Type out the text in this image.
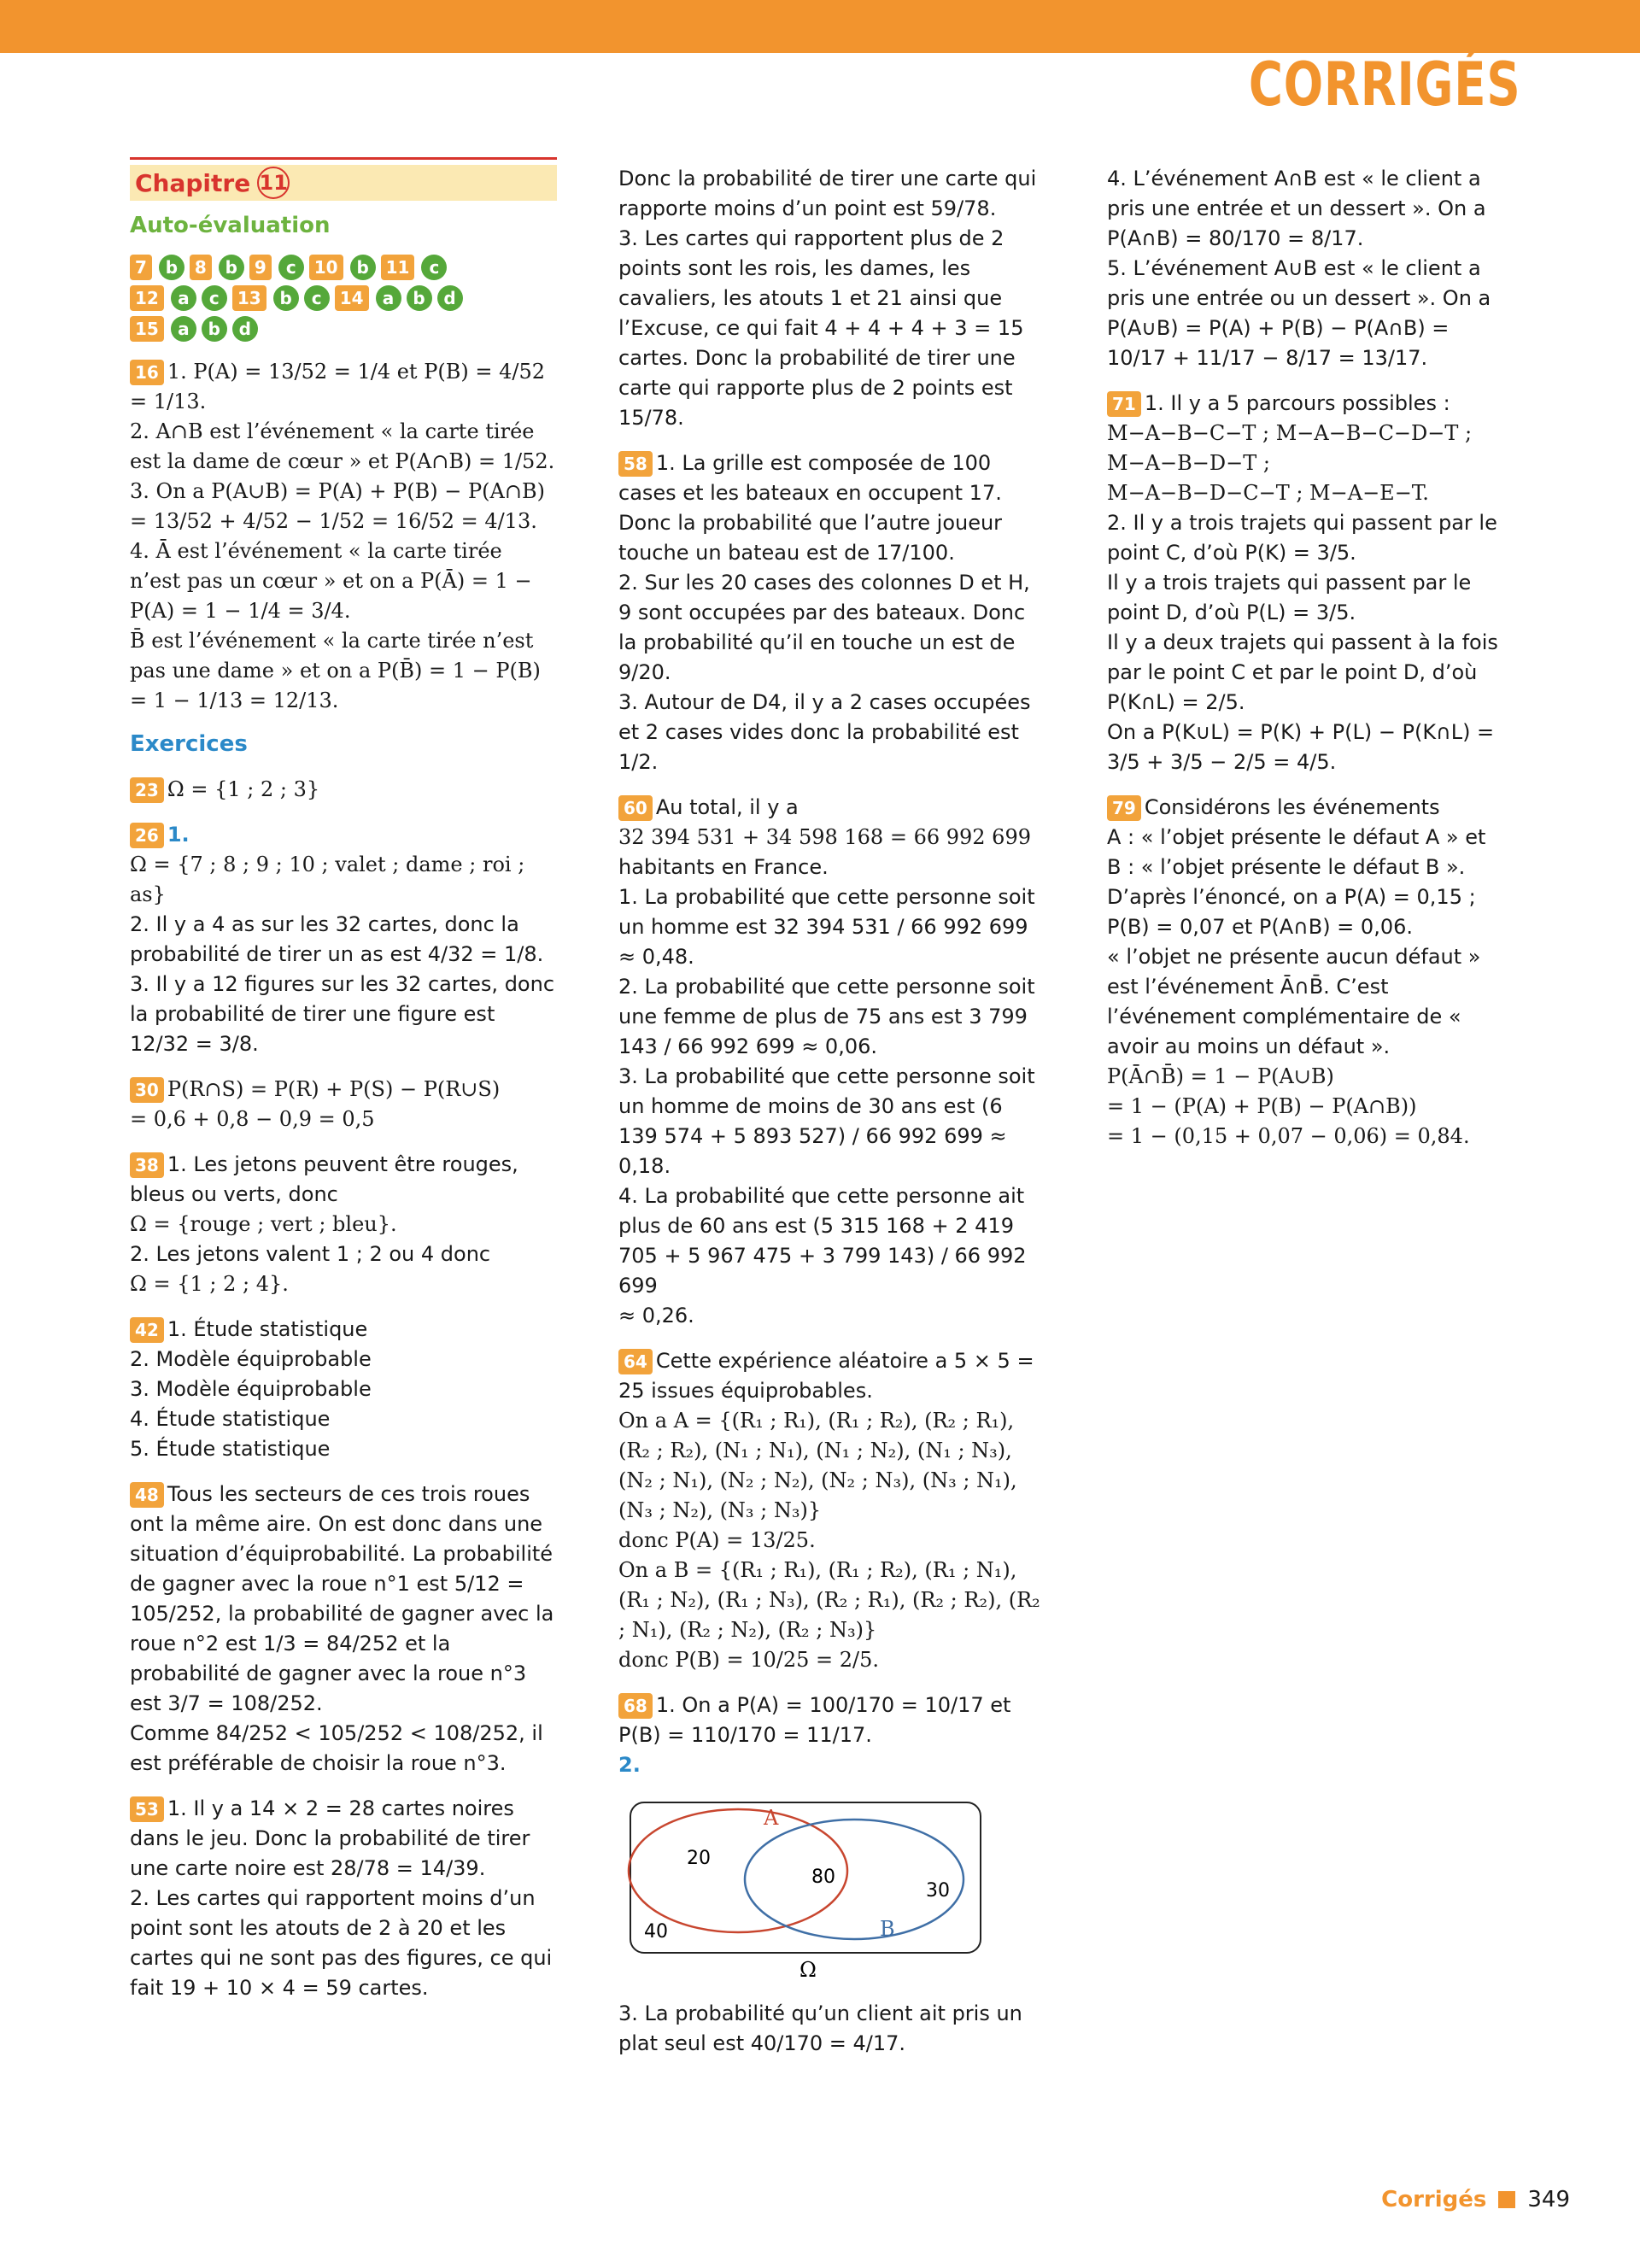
CORRIGÉS
Chapitre 11
Auto-évaluation
7	b 8	b 9	c	10	b 11	c
12	a	c	13	b	c	14	a	b	d
15	a	b	d

16 1. P(A) = 13/52 = 1/4 et P(B) = 4/52 = 1/13.

2. A∩B est l’événement « la carte tirée est la dame de cœur » et P(A∩B) = 1/52.

3. On a P(A∪B) = P(A) + P(B) − P(A∩B) = 13/52 + 4/52 − 1/52 = 16/52 = 4/13.

4. Ā est l’événement « la carte tirée n’est pas un cœur » et on a P(Ā) = 1 − P(A) = 1 − 1/4 = 3/4.

B̄ est l’événement « la carte tirée n’est pas une dame » et on a P(B̄) = 1 − P(B) = 1 − 1/13 = 12/13.

Exercices

23 Ω = {1 ; 2 ; 3}

26 1.

Ω = {7 ; 8 ; 9 ; 10 ; valet ; dame ; roi ; as}

2. Il y a 4 as sur les 32 cartes, donc la probabilité de tirer un as est 4/32 = 1/8.

3. Il y a 12 figures sur les 32 cartes, donc la probabilité de tirer une figure est 12/32 = 3/8.

30 P(R∩S) = P(R) + P(S) − P(R∪S)

= 0,6 + 0,8 − 0,9 = 0,5

38 1. Les jetons peuvent être rouges, bleus ou verts, donc

Ω = {rouge ; vert ; bleu}.

2. Les jetons valent 1 ; 2 ou 4 donc

Ω = {1 ; 2 ; 4}.

42 1. Étude statistique

2. Modèle équiprobable

3. Modèle équiprobable

4. Étude statistique

5. Étude statistique

48 Tous les secteurs de ces trois roues ont la même aire. On est donc dans une situation d’équiprobabilité. La probabilité de gagner avec la roue n°1 est 5/12 = 105/252, la probabilité de gagner avec la roue n°2 est 1/3 = 84/252 et la probabilité de gagner avec la roue n°3 est 3/7 = 108/252.

Comme 84/252 < 105/252 < 108/252, il est préférable de choisir la roue n°3.

53 1. Il y a 14 × 2 = 28 cartes noires dans le jeu. Donc la probabilité de tirer une carte noire est 28/78 = 14/39.

2. Les cartes qui rapportent moins d’un point sont les atouts de 2 à 20 et les cartes qui ne sont pas des figures, ce qui fait 19 + 10 × 4 = 59 cartes.

Donc la probabilité de tirer une carte qui rapporte moins d’un point est 59/78.

3. Les cartes qui rapportent plus de 2 points sont les rois, les dames, les cavaliers, les atouts 1 et 21 ainsi que l’Excuse, ce qui fait 4 + 4 + 4 + 3 = 15 cartes. Donc la probabilité de tirer une carte qui rapporte plus de 2 points est 15/78.

58 1. La grille est composée de 100 cases et les bateaux en occupent 17. Donc la probabilité que l’autre joueur touche un bateau est de 17/100.

2. Sur les 20 cases des colonnes D et H, 9 sont occupées par des bateaux. Donc la probabilité qu’il en touche un est de 9/20.

3. Autour de D4, il y a 2 cases occupées et 2 cases vides donc la probabilité est 1/2.

60 Au total, il y a

32 394 531 + 34 598 168 = 66 992 699

habitants en France.

1. La probabilité que cette personne soit un homme est 32 394 531 / 66 992 699 ≈ 0,48.

2. La probabilité que cette personne soit une femme de plus de 75 ans est 3 799 143 / 66 992 699 ≈ 0,06.

3. La probabilité que cette personne soit un homme de moins de 30 ans est (6 139 574 + 5 893 527) / 66 992 699 ≈ 0,18.

4. La probabilité que cette personne ait plus de 60 ans est (5 315 168 + 2 419 705 + 5 967 475 + 3 799 143) / 66 992 699

≈ 0,26.

64 Cette expérience aléatoire a 5 × 5 = 25 issues équiprobables.

On a A = {(R₁ ; R₁), (R₁ ; R₂), (R₂ ; R₁), (R₂ ; R₂), (N₁ ; N₁), (N₁ ; N₂), (N₁ ; N₃), (N₂ ; N₁), (N₂ ; N₂), (N₂ ; N₃), (N₃ ; N₁), (N₃ ; N₂), (N₃ ; N₃)}

donc P(A) = 13/25.

On a B = {(R₁ ; R₁), (R₁ ; R₂), (R₁ ; N₁), (R₁ ; N₂), (R₁ ; N₃), (R₂ ; R₁), (R₂ ; R₂), (R₂ ; N₁), (R₂ ; N₂), (R₂ ; N₃)}

donc P(B) = 10/25 = 2/5.

68 1. On a P(A) = 100/170 = 10/17 et P(B) = 110/170 = 11/17.

2.

A
B
20
80
30
40
Ω

3. La probabilité qu’un client ait pris un plat seul est 40/170 = 4/17.

4. L’événement A∩B est « le client a pris une entrée et un dessert ». On a P(A∩B) = 80/170 = 8/17.

5. L’événement A∪B est « le client a pris une entrée ou un dessert ». On a P(A∪B) = P(A) + P(B) − P(A∩B) = 10/17 + 11/17 − 8/17 = 13/17.

71 1. Il y a 5 parcours possibles :

M−A−B−C−T ; M−A−B−C−D−T ;

M−A−B−D−T ;

M−A−B−D−C−T ; M−A−E−T.

2. Il y a trois trajets qui passent par le point C, d’où P(K) = 3/5.

Il y a trois trajets qui passent par le point D, d’où P(L) = 3/5.

Il y a deux trajets qui passent à la fois par le point C et par le point D, d’où P(K∩L) = 2/5.

On a P(K∪L) = P(K) + P(L) − P(K∩L) = 3/5 + 3/5 − 2/5 = 4/5.

79 Considérons les événements

A : « l’objet présente le défaut A » et

B : « l’objet présente le défaut B ».

D’après l’énoncé, on a P(A) = 0,15 ; P(B) = 0,07 et P(A∩B) = 0,06.

« l’objet ne présente aucun défaut » est l’événement Ā∩B̄. C’est l’événement complémentaire de « avoir au moins un défaut ».

P(Ā∩B̄) = 1 − P(A∪B)

= 1 − (P(A) + P(B) − P(A∩B))

= 1 − (0,15 + 0,07 − 0,06) = 0,84.

Corrigés 349
